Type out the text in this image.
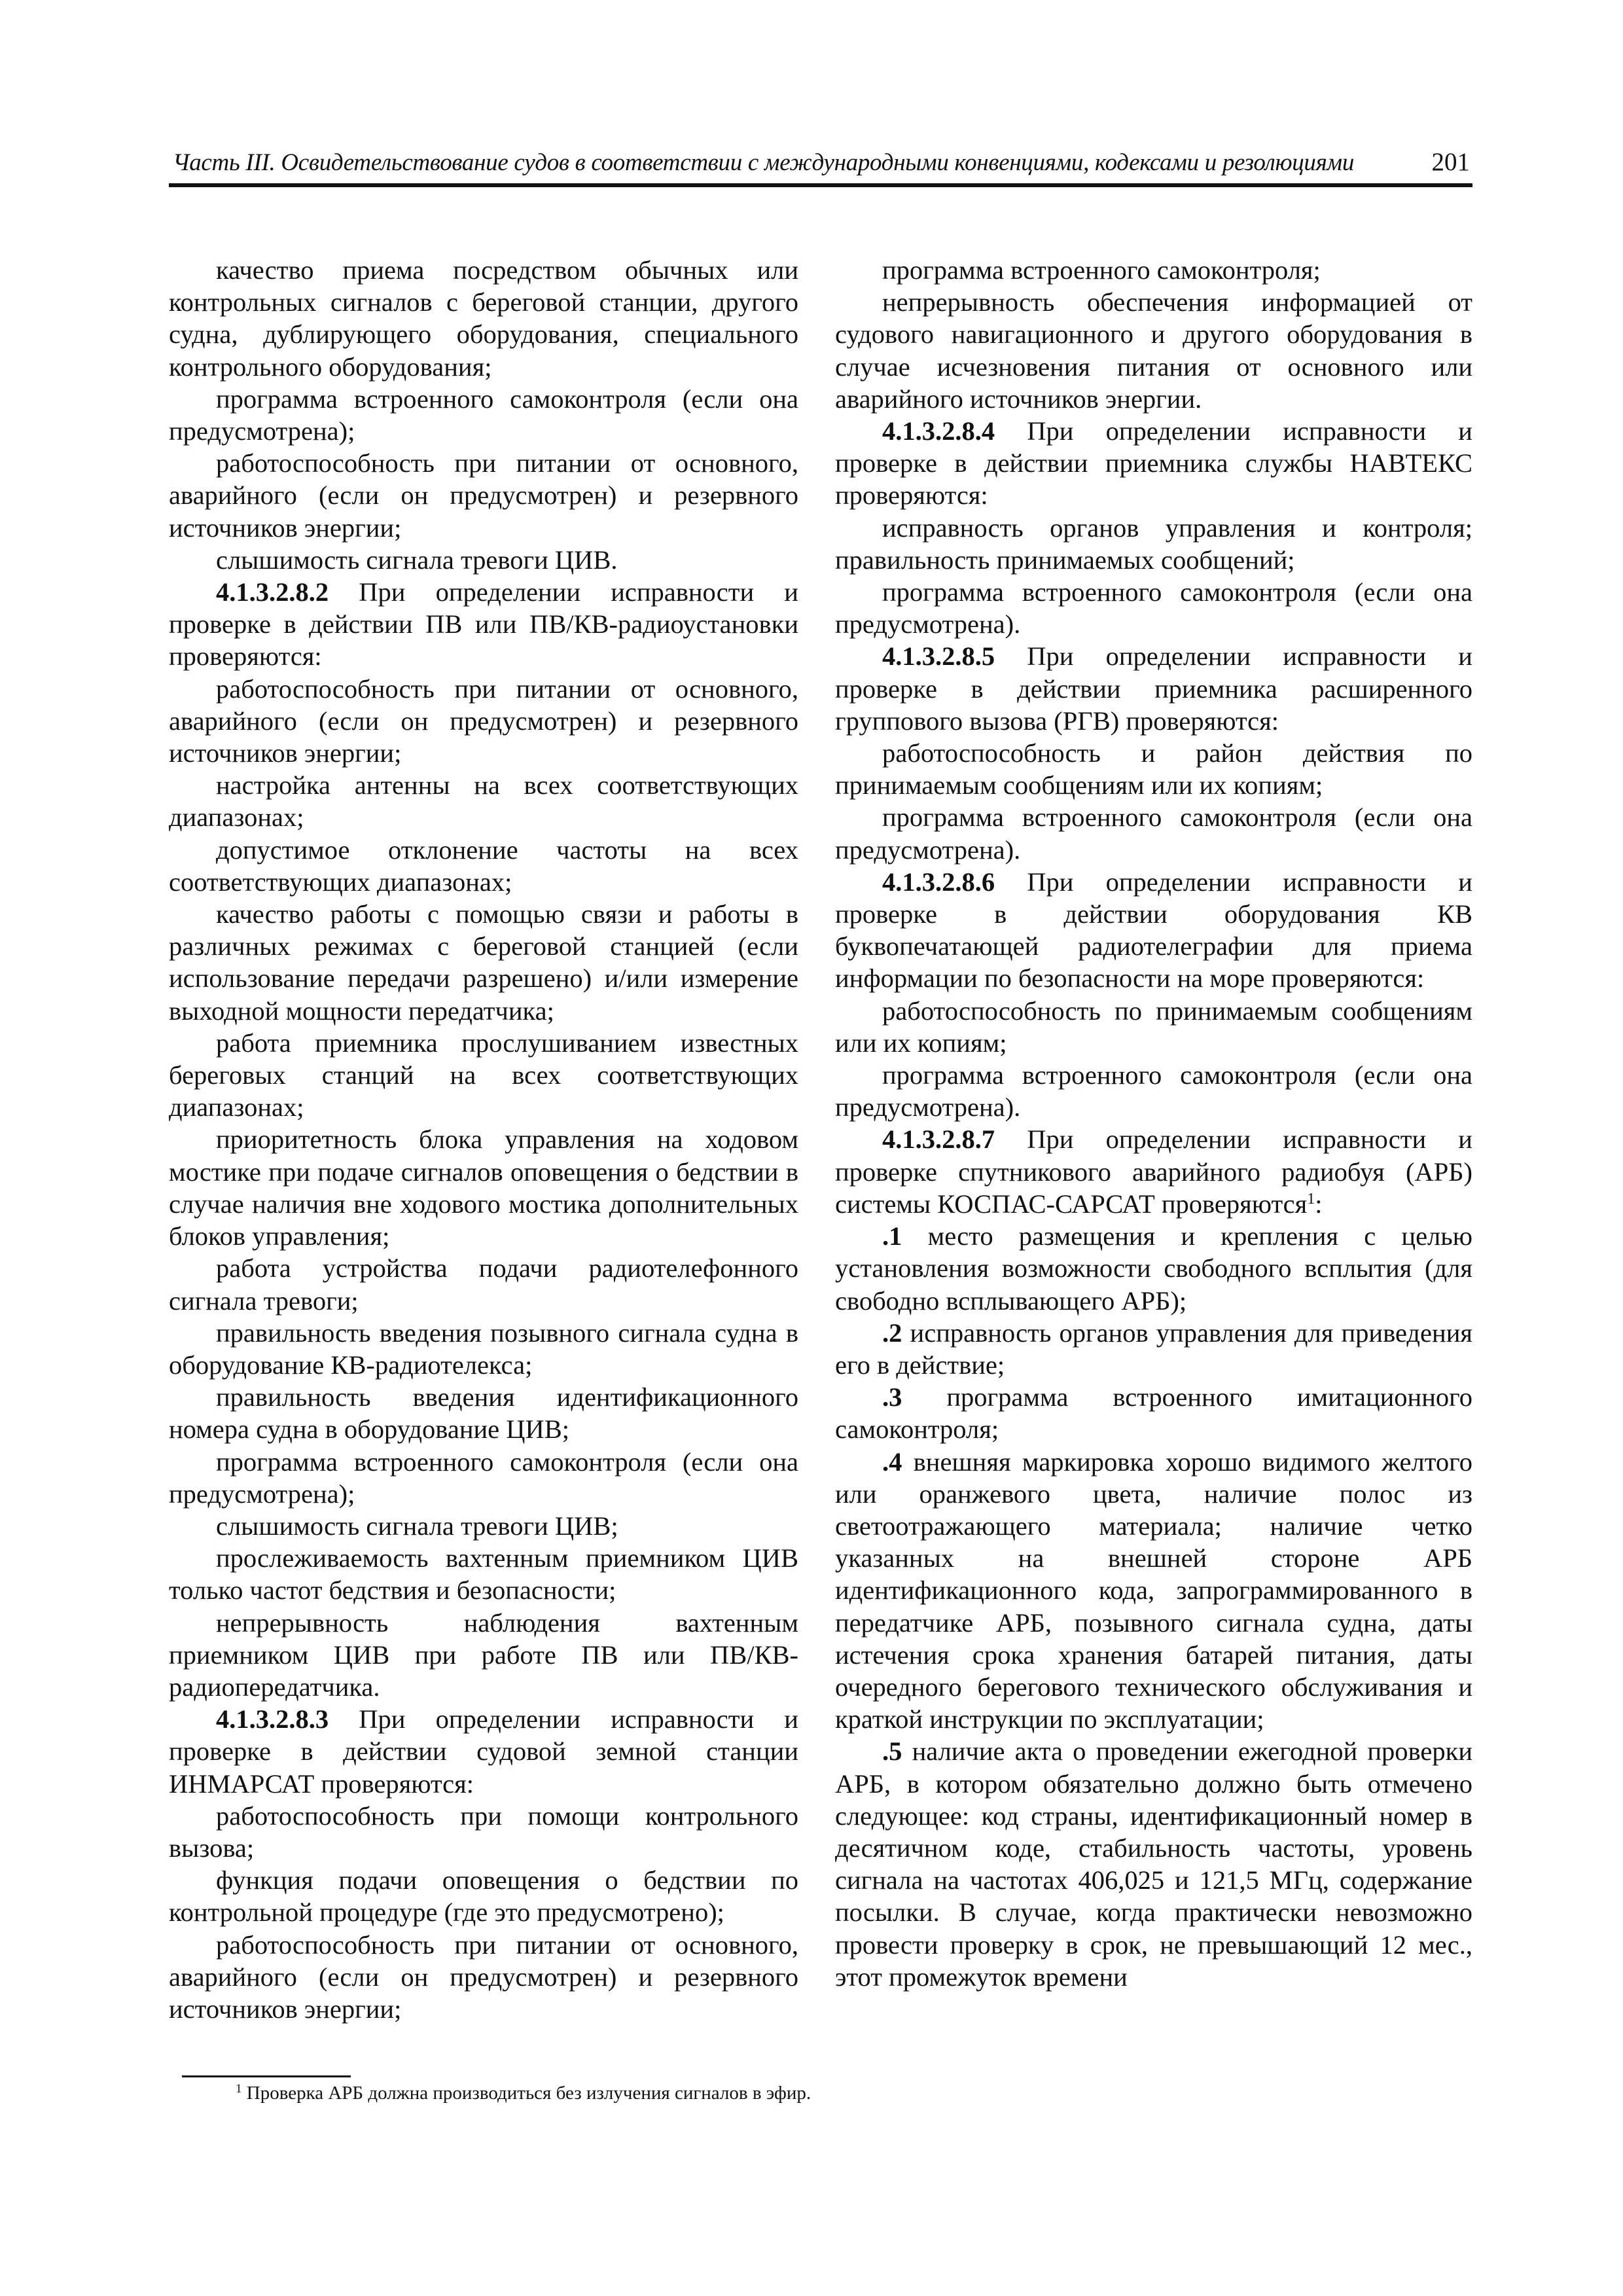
Часть III. Освидетельствование судов в соответствии с международными конвенциями, кодексами и резолюциями	201

качество приема посредством обычных или контрольных сигналов с береговой станции, другого судна, дублирующего оборудования, специального контрольного оборудования;

программа встроенного самоконтроля (если она предусмотрена);

работоспособность при питании от основного, аварийного (если он предусмотрен) и резервного источников энергии;

слышимость сигнала тревоги ЦИВ.

4.1.3.2.8.2 При определении исправности и проверке в действии ПВ или ПВ/КВ-радиоустановки проверяются:

работоспособность при питании от основного, аварийного (если он предусмотрен) и резервного источников энергии;

настройка антенны на всех соответствующих диапазонах;

допустимое отклонение частоты на всех соответствующих диапазонах;

качество работы с помощью связи и работы в различных режимах с береговой станцией (если использование передачи разрешено) и/или измерение выходной мощности передатчика;

работа приемника прослушиванием известных береговых станций на всех соответствующих диапазонах;

приоритетность блока управления на ходовом мостике при подаче сигналов оповещения о бедствии в случае наличия вне ходового мостика дополнительных блоков управления;

работа устройства подачи радиотелефонного сигнала тревоги;

правильность введения позывного сигнала судна в оборудование КВ-радиотелекса;

правильность введения идентификационного номера судна в оборудование ЦИВ;

программа встроенного самоконтроля (если она предусмотрена);

слышимость сигнала тревоги ЦИВ;

прослеживаемость вахтенным приемником ЦИВ только частот бедствия и безопасности;

непрерывность наблюдения вахтенным приемником ЦИВ при работе ПВ или ПВ/КВ-радиопередатчика.

4.1.3.2.8.3 При определении исправности и проверке в действии судовой земной станции ИНМАРСАТ проверяются:

работоспособность при помощи контрольного вызова;

функция подачи оповещения о бедствии по контрольной процедуре (где это предусмотрено);

работоспособность при питании от основного, аварийного (если он предусмотрен) и резервного источников энергии;

программа встроенного самоконтроля;

непрерывность обеспечения информацией от судового навигационного и другого оборудования в случае исчезновения питания от основного или аварийного источников энергии.

4.1.3.2.8.4 При определении исправности и проверке в действии приемника службы НАВТЕКС проверяются:

исправность органов управления и контроля; правильность принимаемых сообщений;

программа встроенного самоконтроля (если она предусмотрена).

4.1.3.2.8.5 При определении исправности и проверке в действии приемника расширенного группового вызова (РГВ) проверяются:

работоспособность и район действия по принимаемым сообщениям или их копиям;

программа встроенного самоконтроля (если она предусмотрена).

4.1.3.2.8.6 При определении исправности и проверке в действии оборудования КВ буквопечатающей радиотелеграфии для приема информации по безопасности на море проверяются:

работоспособность по принимаемым сообщениям или их копиям;

программа встроенного самоконтроля (если она предусмотрена).

4.1.3.2.8.7 При определении исправности и проверке спутникового аварийного радиобуя (АРБ) системы КОСПАС-САРСАТ проверяются$^1$:

.1 место размещения и крепления с целью установления возможности свободного всплытия (для свободно всплывающего АРБ);

.2 исправность органов управления для приведения его в действие;

.3 программа встроенного имитационного самоконтроля;

.4 внешняя маркировка хорошо видимого желтого или оранжевого цвета, наличие полос из светоотражающего материала; наличие четко указанных на внешней стороне АРБ идентификационного кода, запрограммированного в передатчике АРБ, позывного сигнала судна, даты истечения срока хранения батарей питания, даты очередного берегового технического обслуживания и краткой инструкции по эксплуатации;

.5 наличие акта о проведении ежегодной проверки АРБ, в котором обязательно должно быть отмечено следующее: код страны, идентификационный номер в десятичном коде, стабильность частоты, уровень сигнала на частотах 406,025 и 121,5 МГц, содержание посылки. В случае, когда практически невозможно провести проверку в срок, не превышающий 12 мес., этот промежуток времени

$^1$ Проверка АРБ должна производиться без излучения сигналов в эфир.
